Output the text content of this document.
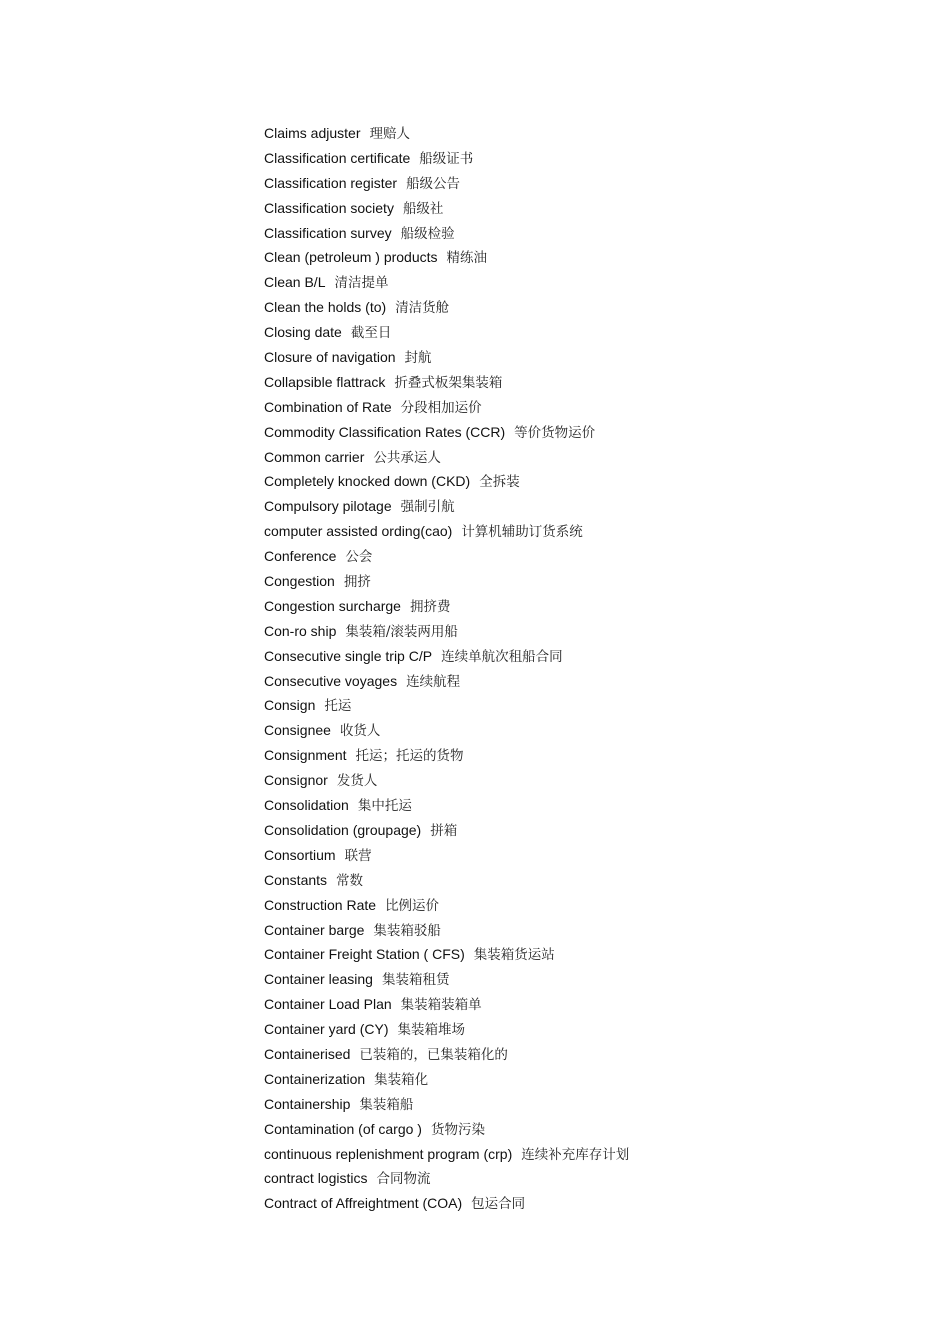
Claims adjuster 理赔人
Classification certificate 船级证书
Classification register 船级公告
Classification society 船级社
Classification survey 船级检验
Clean (petroleum ) products 精练油
Clean B/L 清洁提单
Clean the holds (to) 清洁货舱
Closing date 截至日
Closure of navigation 封航
Collapsible flattrack 折叠式板架集装箱
Combination of Rate 分段相加运价
Commodity Classification Rates (CCR) 等价货物运价
Common carrier 公共承运人
Completely knocked down (CKD) 全拆装
Compulsory pilotage 强制引航
computer assisted ording(cao) 计算机辅助订货系统
Conference 公会
Congestion 拥挤
Congestion surcharge 拥挤费
Con-ro ship 集装箱/滚装两用船
Consecutive single trip C/P 连续单航次租船合同
Consecutive voyages 连续航程
Consign 托运
Consignee 收货人
Consignment 托运；托运的货物
Consignor 发货人
Consolidation 集中托运
Consolidation (groupage) 拼箱
Consortium 联营
Constants 常数
Construction Rate 比例运价
Container barge 集装箱驳船
Container Freight Station ( CFS) 集装箱货运站
Container leasing 集装箱租赁
Container Load Plan 集装箱装箱单
Container yard (CY) 集装箱堆场
Containerised 已装箱的，已集装箱化的
Containerization 集装箱化
Containership 集装箱船
Contamination (of cargo ) 货物污染
continuous replenishment program (crp) 连续补充库存计划
contract logistics 合同物流
Contract of Affreightment (COA) 包运合同
